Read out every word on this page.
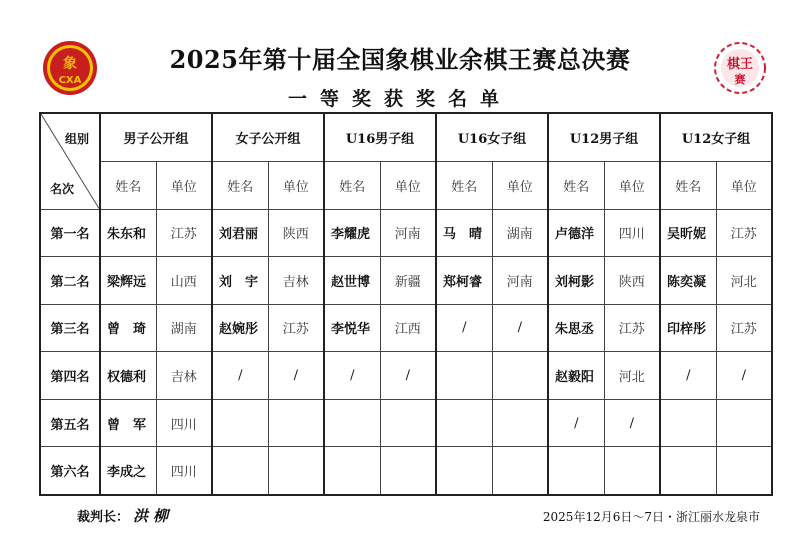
象
CXA
棋王
赛
2025年第十届全国象棋业余棋王赛总决赛
一等奖获奖名单
组别
名次	男子公开组		女子公开组		U16男子组		U16女子组		U12男子组		U12女子组	
	姓名	单位	姓名	单位	姓名	单位	姓名	单位	姓名	单位	姓名	单位
第一名	朱东和	江苏	刘君丽	陕西	李耀虎	河南	马　晴	湖南	卢德洋	四川	吴昕妮	江苏
第二名	梁辉远	山西	刘　宇	吉林	赵世博	新疆	郑柯睿	河南	刘柯影	陕西	陈奕凝	河北
第三名	曾　琦	湖南	赵婉彤	江苏	李悦华	江西	/	/	朱思丞	江苏	印梓彤	江苏
第四名	权德利	吉林	/	/	/	/			赵毅阳	河北	/	/
第五名	曾　军	四川							/	/		
第六名	李成之	四川										
裁判长： 洪柳	2025年12月6日～7日・浙江丽水龙泉市
